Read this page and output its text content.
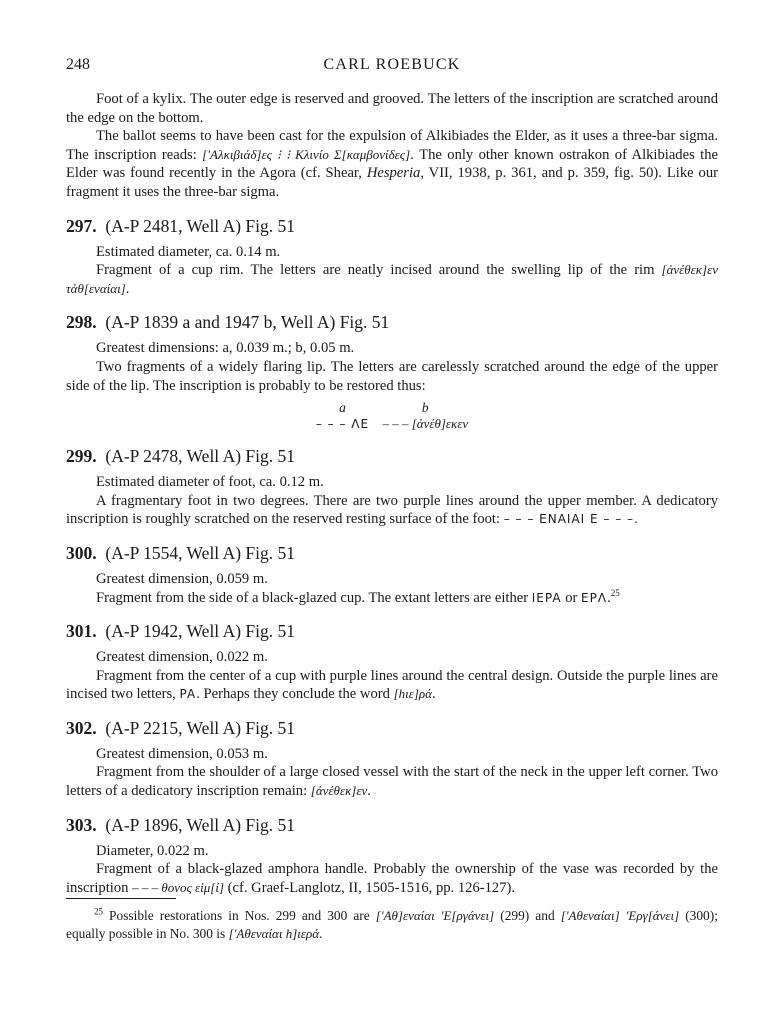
248	CARL ROEBUCK

Foot of a kylix. The outer edge is reserved and grooved. The letters of the inscription are scratched around the edge on the bottom.

The ballot seems to have been cast for the expulsion of Alkibiades the Elder, as it uses a three-bar sigma. The inscription reads: ['Αλκιβιάδ]ες ⁝ ⁝ Κλινίο Σ[καμβονίδες]. The only other known ostrakon of Alkibiades the Elder was found recently in the Agora (cf. Shear, Hesperia, VII, 1938, p. 361, and p. 359, fig. 50). Like our fragment it uses the three-bar sigma.

297. (A-P 2481, Well A) Fig. 51

Estimated diameter, ca. 0.14 m.

Fragment of a cup rim. The letters are neatly incised around the swelling lip of the rim [ἀνέθεκ]εν τἀθ[εναίαι].

298. (A-P 1839 a and 1947 b, Well A) Fig. 51

Greatest dimensions: a, 0.039 m.; b, 0.05 m.

Two fragments of a widely flaring lip. The letters are carelessly scratched around the edge of the upper side of the lip. The inscription is probably to be restored thus:

a
– – – ΛE
b
– – – [ἀνέθ]εκεν
299. (A-P 2478, Well A) Fig. 51

Estimated diameter of foot, ca. 0.12 m.

A fragmentary foot in two degrees. There are two purple lines around the upper member. A dedicatory inscription is roughly scratched on the reserved resting surface of the foot: – – – ENAIAI E – – –.

300. (A-P 1554, Well A) Fig. 51

Greatest dimension, 0.059 m.

Fragment from the side of a black-glazed cup. The extant letters are either IEPA or EPΛ.$^{25}$

301. (A-P 1942, Well A) Fig. 51

Greatest dimension, 0.022 m.

Fragment from the center of a cup with purple lines around the central design. Outside the purple lines are incised two letters, PA. Perhaps they conclude the word [hιε]ρά.

302. (A-P 2215, Well A) Fig. 51

Greatest dimension, 0.053 m.

Fragment from the shoulder of a large closed vessel with the start of the neck in the upper left corner. Two letters of a dedicatory inscription remain: [ἀνέθεκ]εν.

303. (A-P 1896, Well A) Fig. 51

Diameter, 0.022 m.

Fragment of a black-glazed amphora handle. Probably the ownership of the vase was recorded by the inscription – – – θονος εἰμ[ί] (cf. Graef-Langlotz, II, 1505-1516, pp. 126-127).

$^{25}$ Possible restorations in Nos. 299 and 300 are ['Αθ]εναίαι 'Ε[ργάνει] (299) and ['Αθεναίαι] 'Εργ[άνει] (300); equally possible in No. 300 is ['Αθεναίαι h]ιερά.
